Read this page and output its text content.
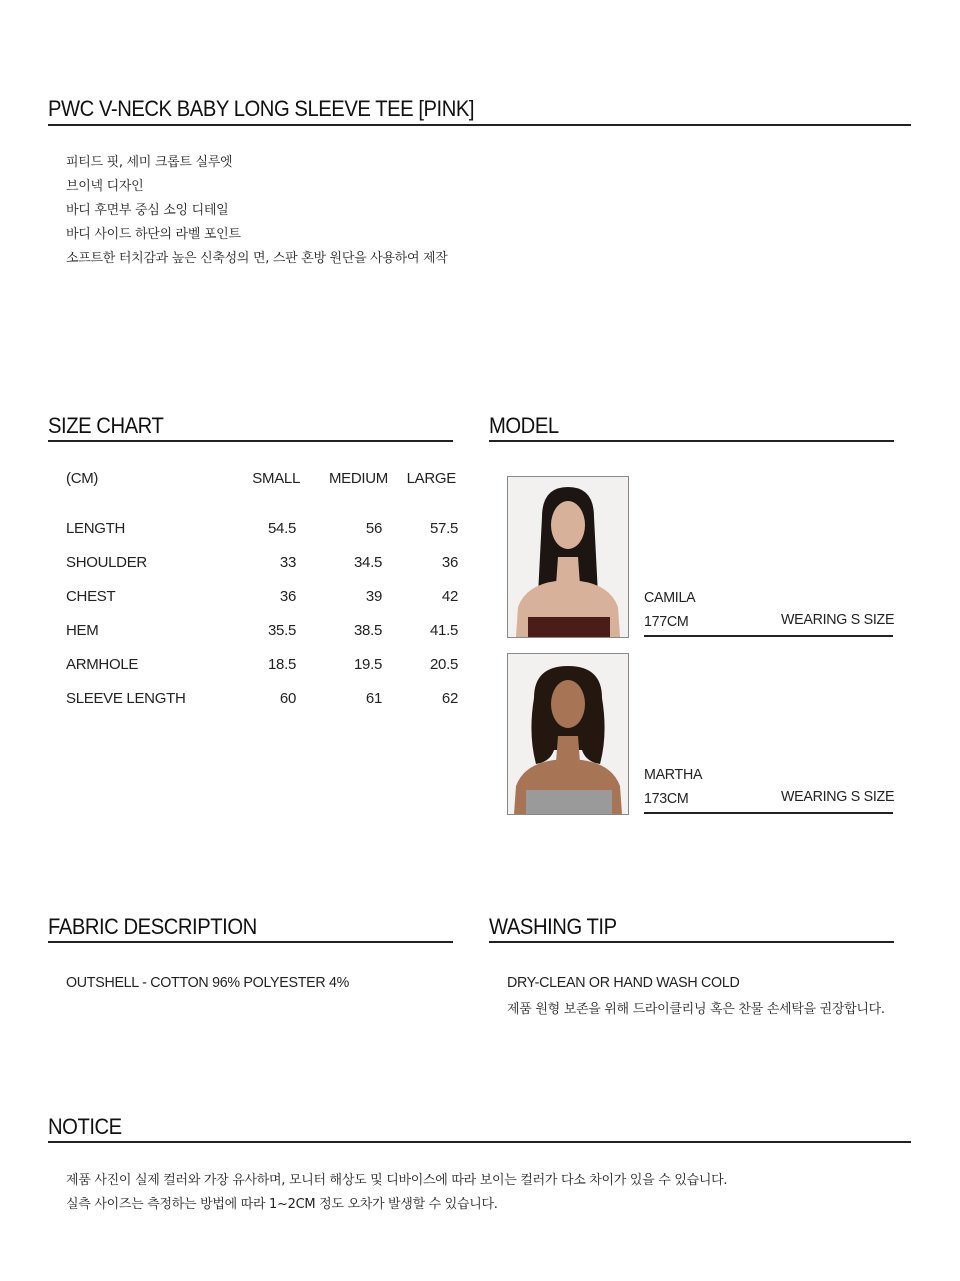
PWC V-NECK BABY LONG SLEEVE TEE [PINK]
피티드 핏, 세미 크롭트 실루엣
브이넥 디자인
바디 후면부 중심 소잉 디테일
바디 사이드 하단의 라벨 포인트
소프트한 터치감과 높은 신축성의 면, 스판 혼방 원단을 사용하여 제작
SIZE CHART
(CM)	SMALL MEDIUM LARGE
LENGTH	54.5	56	57.5
SHOULDER	33	34.5	36
CHEST	36	39	42
HEM	35.5	38.5	41.5
ARMHOLE	18.5	19.5	20.5
SLEEVE LENGTH	60	61	62
MODEL
CAMILA
177CM	WEARING S SIZE
MARTHA
173CM	WEARING S SIZE
FABRIC DESCRIPTION
OUTSHELL - COTTON 96% POLYESTER 4%
WASHING TIP
DRY-CLEAN OR HAND WASH COLD
제품 원형 보존을 위해 드라이클리닝 혹은 찬물 손세탁을 권장합니다.
NOTICE
제품 사진이 실제 컬러와 가장 유사하며, 모니터 해상도 및 디바이스에 따라 보이는 컬러가 다소 차이가 있을 수 있습니다.
실측 사이즈는 측정하는 방법에 따라 1~2CM 정도 오차가 발생할 수 있습니다.
